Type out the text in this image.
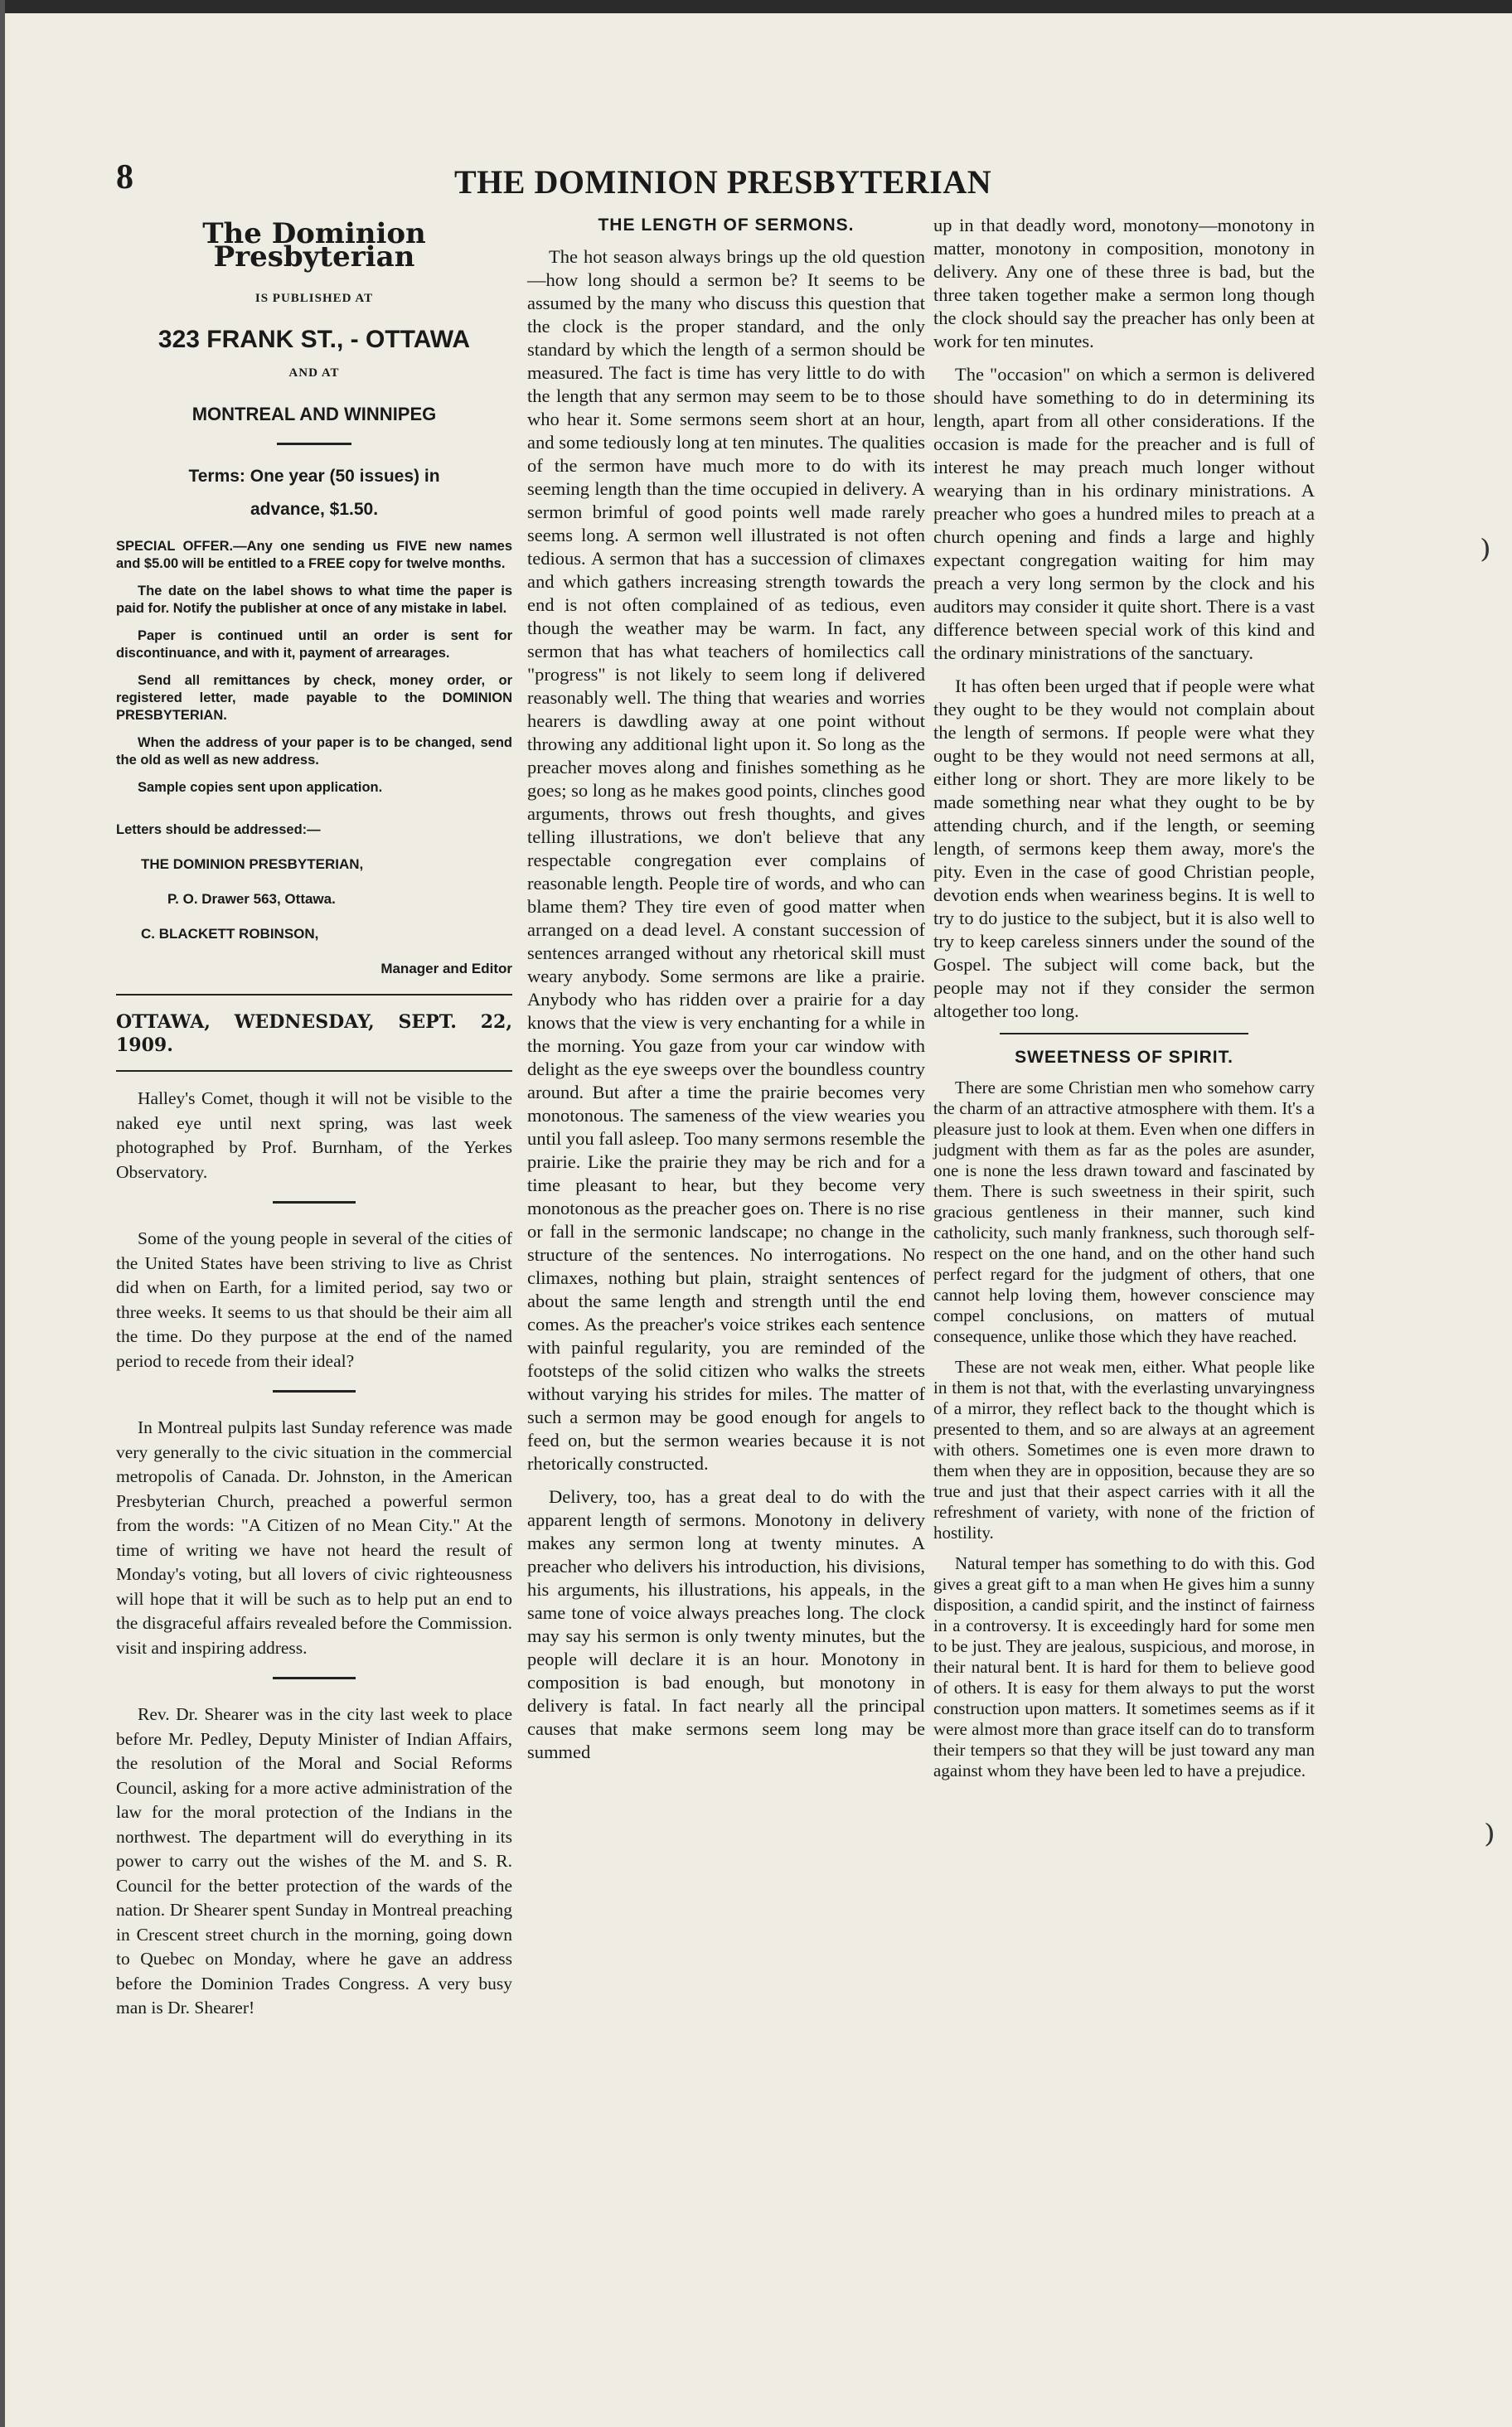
8	THE DOMINION PRESBYTERIAN
⁾
⁾
The Dominion Presbyterian
IS PUBLISHED AT
323 FRANK ST., - OTTAWA
AND AT
MONTREAL AND WINNIPEG
Terms: One year (50 issues) in
advance, $1.50.

SPECIAL OFFER.—Any one sending us FIVE new names and $5.00 will be entitled to a FREE copy for twelve months.

The date on the label shows to what time the paper is paid for. Notify the publisher at once of any mistake in label.

Paper is continued until an order is sent for discontinuance, and with it, payment of arrearages.

Send all remittances by check, money order, or registered letter, made payable to the DOMINION PRESBYTERIAN.

When the address of your paper is to be changed, send the old as well as new address.

Sample copies sent upon application.

Letters should be addressed:—
THE DOMINION PRESBYTERIAN,
P. O. Drawer 563, Ottawa.
C. BLACKETT ROBINSON,
Manager and Editor
OTTAWA, WEDNESDAY, SEPT. 22, 1909.

Halley's Comet, though it will not be visible to the naked eye until next spring, was last week photographed by Prof. Burnham, of the Yerkes Observatory.

Some of the young people in several of the cities of the United States have been striving to live as Christ did when on Earth, for a limited period, say two or three weeks. It seems to us that should be their aim all the time. Do they purpose at the end of the named period to recede from their ideal?

In Montreal pulpits last Sunday reference was made very generally to the civic situation in the commercial metropolis of Canada. Dr. Johnston, in the American Presbyterian Church, preached a powerful sermon from the words: "A Citizen of no Mean City." At the time of writing we have not heard the result of Monday's voting, but all lovers of civic righteousness will hope that it will be such as to help put an end to the disgraceful affairs revealed before the Commission. visit and inspiring address.

Rev. Dr. Shearer was in the city last week to place before Mr. Pedley, Deputy Minister of Indian Affairs, the resolution of the Moral and Social Reforms Council, asking for a more active administration of the law for the moral protection of the Indians in the northwest. The department will do everything in its power to carry out the wishes of the M. and S. R. Council for the better protection of the wards of the nation. Dr Shearer spent Sunday in Montreal preaching in Crescent street church in the morning, going down to Quebec on Monday, where he gave an address before the Dominion Trades Congress. A very busy man is Dr. Shearer!

THE LENGTH OF SERMONS.

The hot season always brings up the old question—how long should a sermon be? It seems to be assumed by the many who discuss this question that the clock is the proper standard, and the only standard by which the length of a sermon should be measured. The fact is time has very little to do with the length that any sermon may seem to be to those who hear it. Some sermons seem short at an hour, and some tediously long at ten minutes. The qualities of the sermon have much more to do with its seeming length than the time occupied in delivery. A sermon brimful of good points well made rarely seems long. A sermon well illustrated is not often tedious. A sermon that has a succession of climaxes and which gathers increasing strength towards the end is not often complained of as tedious, even though the weather may be warm. In fact, any sermon that has what teachers of homilectics call "progress" is not likely to seem long if delivered reasonably well. The thing that wearies and worries hearers is dawdling away at one point without throwing any additional light upon it. So long as the preacher moves along and finishes something as he goes; so long as he makes good points, clinches good arguments, throws out fresh thoughts, and gives telling illustrations, we don't believe that any respectable congregation ever complains of reasonable length. People tire of words, and who can blame them? They tire even of good matter when arranged on a dead level. A constant succession of sentences arranged without any rhetorical skill must weary anybody. Some sermons are like a prairie. Anybody who has ridden over a prairie for a day knows that the view is very enchanting for a while in the morning. You gaze from your car window with delight as the eye sweeps over the boundless country around. But after a time the prairie becomes very monotonous. The sameness of the view wearies you until you fall asleep. Too many sermons resemble the prairie. Like the prairie they may be rich and for a time pleasant to hear, but they become very monotonous as the preacher goes on. There is no rise or fall in the sermonic landscape; no change in the structure of the sentences. No interrogations. No climaxes, nothing but plain, straight sentences of about the same length and strength until the end comes. As the preacher's voice strikes each sentence with painful regularity, you are reminded of the footsteps of the solid citizen who walks the streets without varying his strides for miles. The matter of such a sermon may be good enough for angels to feed on, but the sermon wearies because it is not rhetorically constructed.

Delivery, too, has a great deal to do with the apparent length of sermons. Monotony in delivery makes any sermon long at twenty minutes. A preacher who delivers his introduction, his divisions, his arguments, his illustrations, his appeals, in the same tone of voice always preaches long. The clock may say his sermon is only twenty minutes, but the people will declare it is an hour. Monotony in composition is bad enough, but monotony in delivery is fatal. In fact nearly all the principal causes that make sermons seem long may be summed

up in that deadly word, monotony—monotony in matter, monotony in composition, monotony in delivery. Any one of these three is bad, but the three taken together make a sermon long though the clock should say the preacher has only been at work for ten minutes.

The "occasion" on which a sermon is delivered should have something to do in determining its length, apart from all other considerations. If the occasion is made for the preacher and is full of interest he may preach much longer without wearying than in his ordinary ministrations. A preacher who goes a hundred miles to preach at a church opening and finds a large and highly expectant congregation waiting for him may preach a very long sermon by the clock and his auditors may consider it quite short. There is a vast difference between special work of this kind and the ordinary ministrations of the sanctuary.

It has often been urged that if people were what they ought to be they would not complain about the length of sermons. If people were what they ought to be they would not need sermons at all, either long or short. They are more likely to be made something near what they ought to be by attending church, and if the length, or seeming length, of sermons keep them away, more's the pity. Even in the case of good Christian people, devotion ends when weariness begins. It is well to try to do justice to the subject, but it is also well to try to keep careless sinners under the sound of the Gospel. The subject will come back, but the people may not if they consider the sermon altogether too long.

SWEETNESS OF SPIRIT.

There are some Christian men who somehow carry the charm of an attractive atmosphere with them. It's a pleasure just to look at them. Even when one differs in judgment with them as far as the poles are asunder, one is none the less drawn toward and fascinated by them. There is such sweetness in their spirit, such gracious gentleness in their manner, such kind catholicity, such manly frankness, such thorough self-respect on the one hand, and on the other hand such perfect regard for the judgment of others, that one cannot help loving them, however conscience may compel conclusions, on matters of mutual consequence, unlike those which they have reached.

These are not weak men, either. What people like in them is not that, with the everlasting unvaryingness of a mirror, they reflect back to the thought which is presented to them, and so are always at an agreement with others. Sometimes one is even more drawn to them when they are in opposition, because they are so true and just that their aspect carries with it all the refreshment of variety, with none of the friction of hostility.

Natural temper has something to do with this. God gives a great gift to a man when He gives him a sunny disposition, a candid spirit, and the instinct of fairness in a controversy. It is exceedingly hard for some men to be just. They are jealous, suspicious, and morose, in their natural bent. It is hard for them to believe good of others. It is easy for them always to put the worst construction upon matters. It sometimes seems as if it were almost more than grace itself can do to transform their tempers so that they will be just toward any man against whom they have been led to have a prejudice.
